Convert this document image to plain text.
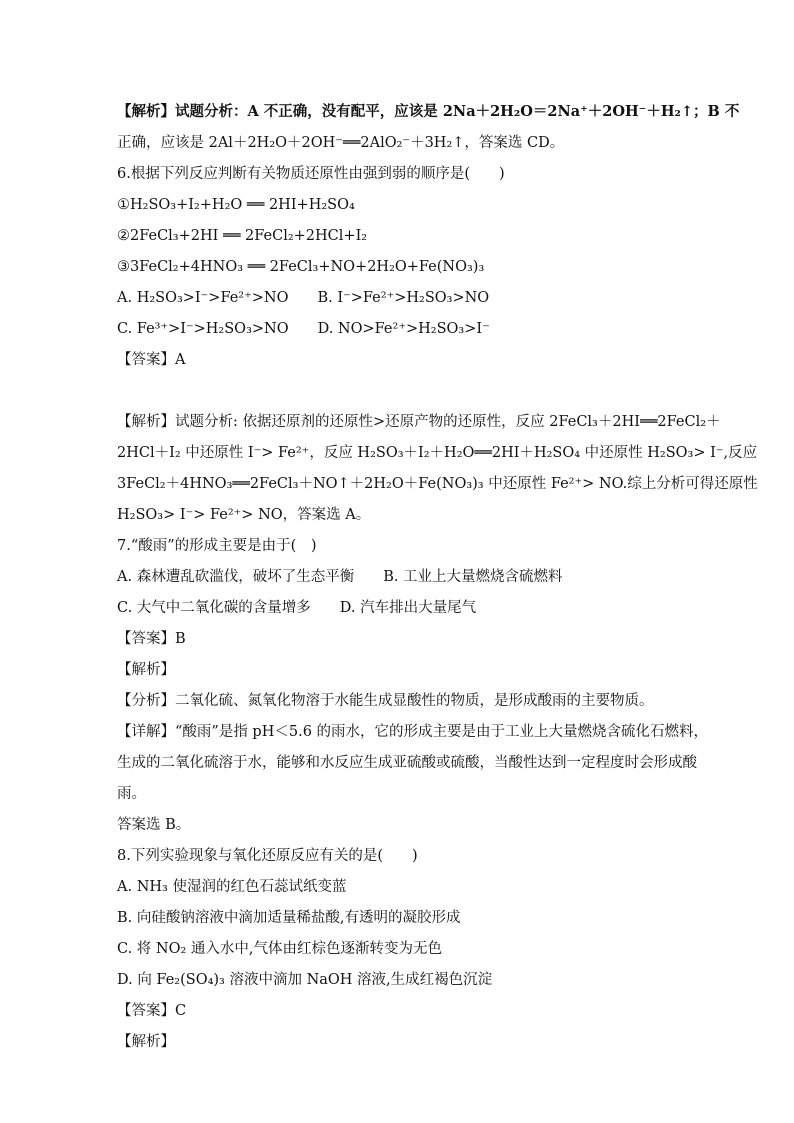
【解析】试题分析：A 不正确，没有配平，应该是 2Na＋2H₂O＝2Na⁺＋2OH⁻＋H₂↑；B 不
正确，应该是 2Al＋2H₂O＋2OH⁻══2AlO₂⁻＋3H₂↑，答案选 CD。
6.根据下列反应判断有关物质还原性由强到弱的顺序是(　　)
①H₂SO₃+I₂+H₂O ══ 2HI+H₂SO₄
②2FeCl₃+2HI ══ 2FeCl₂+2HCl+I₂
③3FeCl₂+4HNO₃ ══ 2FeCl₃+NO+2H₂O+Fe(NO₃)₃
A. H₂SO₃>I⁻>Fe²⁺>NO　　B. I⁻>Fe²⁺>H₂SO₃>NO
C. Fe³⁺>I⁻>H₂SO₃>NO　　D. NO>Fe²⁺>H₂SO₃>I⁻
【答案】A
【解析】试题分析: 依据还原剂的还原性>还原产物的还原性，反应 2FeCl₃＋2HI══2FeCl₂＋
2HCl＋I₂ 中还原性 I⁻> Fe²⁺，反应 H₂SO₃＋I₂＋H₂O══2HI＋H₂SO₄ 中还原性 H₂SO₃> I⁻,反应
3FeCl₂＋4HNO₃══2FeCl₃＋NO↑＋2H₂O＋Fe(NO₃)₃ 中还原性 Fe²⁺> NO.综上分析可得还原性
H₂SO₃> I⁻> Fe²⁺> NO，答案选 A。
7.“酸雨”的形成主要是由于(　)
A. 森林遭乱砍滥伐，破坏了生态平衡　　B. 工业上大量燃烧含硫燃料
C. 大气中二氧化碳的含量增多　　D. 汽车排出大量尾气
【答案】B
【解析】
【分析】二氧化硫、氮氧化物溶于水能生成显酸性的物质，是形成酸雨的主要物质。
【详解】“酸雨”是指 pH＜5.6 的雨水，它的形成主要是由于工业上大量燃烧含硫化石燃料，
生成的二氧化硫溶于水，能够和水反应生成亚硫酸或硫酸，当酸性达到一定程度时会形成酸
雨。
答案选 B。
8.下列实验现象与氧化还原反应有关的是(　　)
A. NH₃ 使湿润的红色石蕊试纸变蓝
B. 向硅酸钠溶液中滴加适量稀盐酸,有透明的凝胶形成
C. 将 NO₂ 通入水中,气体由红棕色逐渐转变为无色
D. 向 Fe₂(SO₄)₃ 溶液中滴加 NaOH 溶液,生成红褐色沉淀
【答案】C
【解析】
